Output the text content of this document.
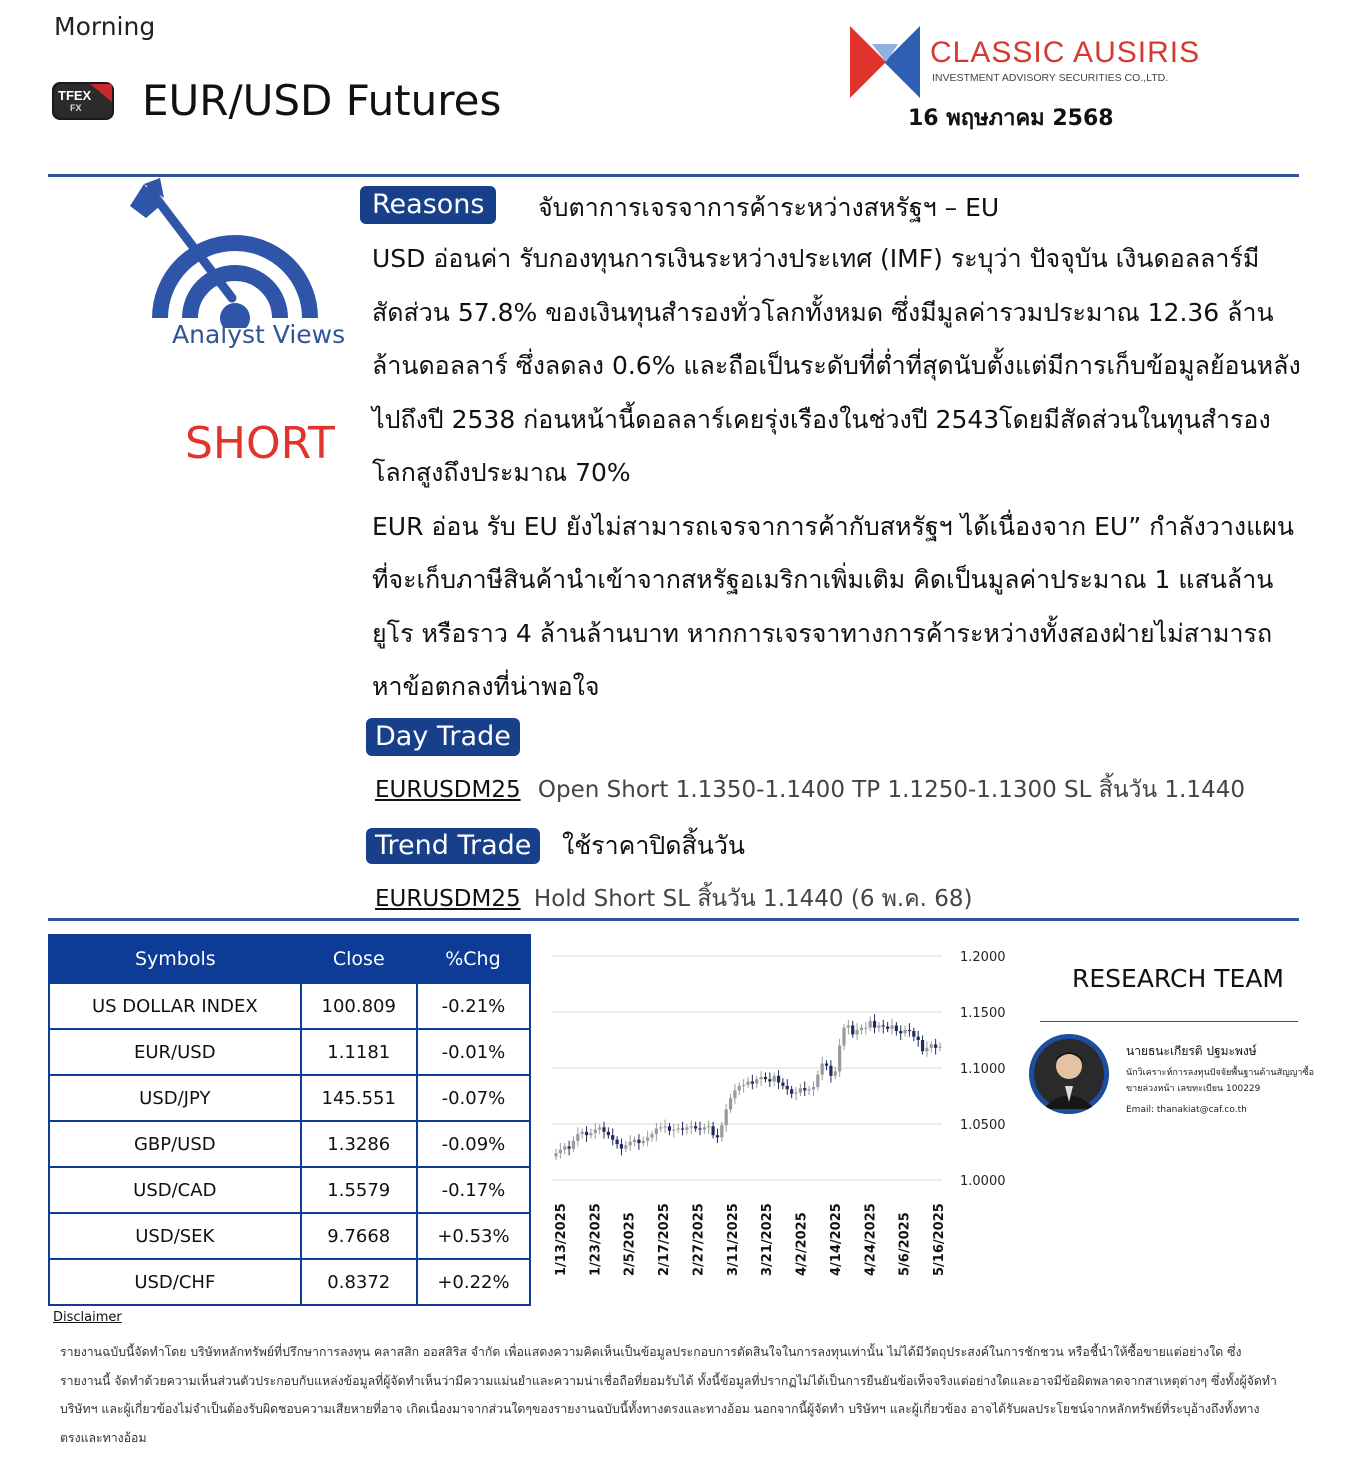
Morning
TFEX
FX EUR/USD Futures
CLASSIC AUSIRIS
INVESTMENT ADVISORY SECURITIES CO.,LTD.
16 พฤษภาคม 2568
Analyst Views
SHORT
Reasons	จับตาการเจรจาการค้าระหว่างสหรัฐฯ – EU

USD อ่อนค่า รับกองทุนการเงินระหว่างประเทศ (IMF) ระบุว่า ปัจจุบัน เงินดอลลาร์มีสัดส่วน 57.8% ของเงินทุนสำรองทั่วโลกทั้งหมด ซึ่งมีมูลค่ารวมประมาณ 12.36 ล้านล้านดอลลาร์ ซึ่งลดลง 0.6% และถือเป็นระดับที่ต่ำที่สุดนับตั้งแต่มีการเก็บข้อมูลย้อนหลังไปถึงปี 2538 ก่อนหน้านี้ดอลลาร์เคยรุ่งเรืองในช่วงปี 2543โดยมีสัดส่วนในทุนสำรองโลกสูงถึงประมาณ 70%

EUR อ่อน รับ EU ยังไม่สามารถเจรจาการค้ากับสหรัฐฯ ได้เนื่องจาก EU” กำลังวางแผนที่จะเก็บภาษีสินค้านำเข้าจากสหรัฐอเมริกาเพิ่มเติม คิดเป็นมูลค่าประมาณ 1 แสนล้านยูโร หรือราว 4 ล้านล้านบาท หากการเจรจาทางการค้าระหว่างทั้งสองฝ่ายไม่สามารถหาข้อตกลงที่น่าพอใจ

Day Trade
EURUSDM25 Open Short 1.1350-1.1400 TP 1.1250-1.1300 SL สิ้นวัน 1.1440
Trend Trade	ใช้ราคาปิดสิ้นวัน
EURUSDM25 Hold Short SL สิ้นวัน 1.1440 (6 พ.ค. 68)
Symbols	Close	%Chg
US DOLLAR INDEX	100.809	-0.21%
EUR/USD	1.1181	-0.01%
USD/JPY	145.551	-0.07%
GBP/USD	1.3286	-0.09%
USD/CAD	1.5579	-0.17%
USD/SEK	9.7668	+0.53%
USD/CHF	0.8372	+0.22%
1.2000
1.1500
1.1000
1.0500
1.0000
1/13/2025 1/23/2025 2/5/2025 2/17/2025 2/27/2025 3/11/2025 3/21/2025 4/2/2025 4/14/2025 4/24/2025 5/6/2025 5/16/2025
RESEARCH TEAM
นายธนะเกียรติ ปฐมะพงษ์
นักวิเคราะห์การลงทุนปัจจัยพื้นฐานด้านสัญญาซื้อขายล่วงหน้า เลขทะเบียน 100229
Email: thanakiat@caf.co.th
Disclaimer
รายงานฉบับนี้จัดทำโดย บริษัทหลักทรัพย์ที่ปรึกษาการลงทุน คลาสสิก ออสสิริส จำกัด เพื่อแสดงความคิดเห็นเป็นข้อมูลประกอบการตัดสินใจในการลงทุนเท่านั้น ไม่ได้มีวัตถุประสงค์ในการชักชวน หรือชี้นำให้ซื้อขายแต่อย่างใด ซึ่งรายงานนี้ จัดทำด้วยความเห็นส่วนตัวประกอบกับแหล่งข้อมูลที่ผู้จัดทำเห็นว่ามีความแม่นยำและความน่าเชื่อถือที่ยอมรับได้ ทั้งนี้ข้อมูลที่ปรากฏไม่ได้เป็นการยืนยันข้อเท็จจริงแต่อย่างใดและอาจมีข้อผิดพลาดจากสาเหตุต่างๆ ซึ่งทั้งผู้จัดทำ บริษัทฯ และผู้เกี่ยวข้องไม่จำเป็นต้องรับผิดชอบความเสียหายที่อาจ เกิดเนื่องมาจากส่วนใดๆของรายงานฉบับนี้ทั้งทางตรงและทางอ้อม นอกจากนี้ผู้จัดทำ บริษัทฯ และผู้เกี่ยวข้อง อาจได้รับผลประโยชน์จากหลักทรัพย์ที่ระบุอ้างถึงทั้งทางตรงและทางอ้อม
